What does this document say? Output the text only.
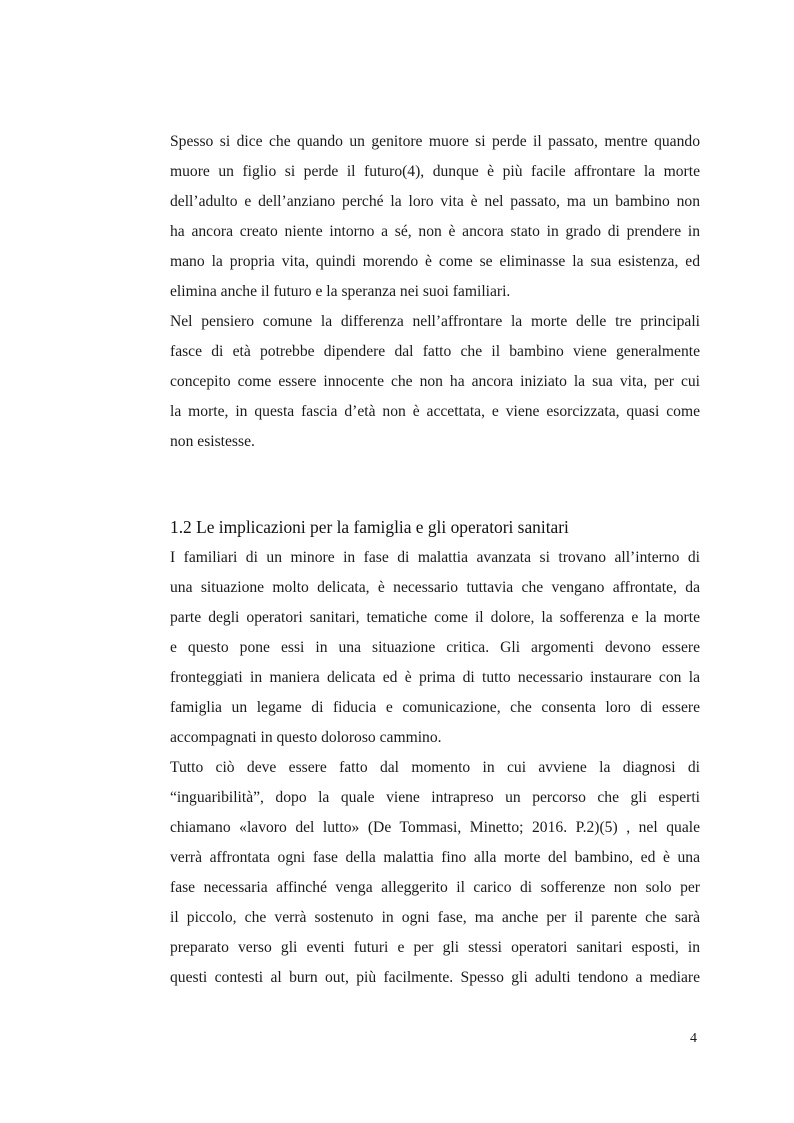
Spesso si dice che quando un genitore muore si perde il passato, mentre quando
muore un figlio si perde il futuro(4), dunque è più facile affrontare la morte
dell’adulto e dell’anziano perché la loro vita è nel passato, ma un bambino non
ha ancora creato niente intorno a sé, non è ancora stato in grado di prendere in
mano la propria vita, quindi morendo è come se eliminasse la sua esistenza, ed
elimina anche il futuro e la speranza nei suoi familiari.
Nel pensiero comune la differenza nell’affrontare la morte delle tre principali
fasce di età potrebbe dipendere dal fatto che il bambino viene generalmente
concepito come essere innocente che non ha ancora iniziato la sua vita, per cui
la morte, in questa fascia d’età non è accettata, e viene esorcizzata, quasi come
non esistesse.
1.2 Le implicazioni per la famiglia e gli operatori sanitari
I familiari di un minore in fase di malattia avanzata si trovano all’interno di
una situazione molto delicata, è necessario tuttavia che vengano affrontate, da
parte degli operatori sanitari, tematiche come il dolore, la sofferenza e la morte
e questo pone essi in una situazione critica. Gli argomenti devono essere
fronteggiati in maniera delicata ed è prima di tutto necessario instaurare con la
famiglia un legame di fiducia e comunicazione, che consenta loro di essere
accompagnati in questo doloroso cammino.
Tutto ciò deve essere fatto dal momento in cui avviene la diagnosi di
“inguaribilità”, dopo la quale viene intrapreso un percorso che gli esperti
chiamano «lavoro del lutto» (De Tommasi, Minetto; 2016. P.2)(5) , nel quale
verrà affrontata ogni fase della malattia fino alla morte del bambino, ed è una
fase necessaria affinché venga alleggerito il carico di sofferenze non solo per
il piccolo, che verrà sostenuto in ogni fase, ma anche per il parente che sarà
preparato verso gli eventi futuri e per gli stessi operatori sanitari esposti, in
questi contesti al burn out, più facilmente. Spesso gli adulti tendono a mediare
4
